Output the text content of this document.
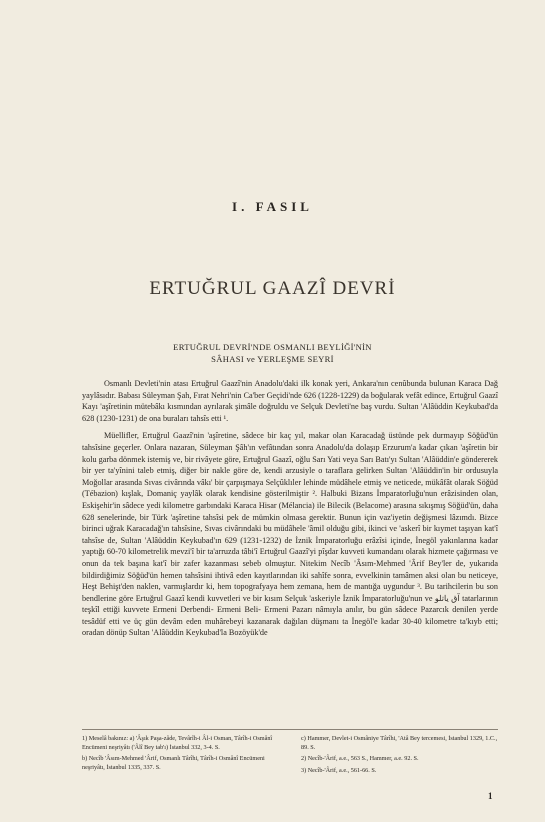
I. FASIL
ERTUĞRUL GAAZÎ DEVRİ
ERTUĞRUL DEVRİ'NDE OSMANLI BEYLİĞİ'NİN
SÂHASI ve YERLEŞME SEYRİ

Osmanlı Devleti'nin atası Ertuğrul Gaazî'nin Anadolu'daki ilk konak yeri, Ankara'nın cenûbunda bulunan Karaca Dağ yaylâsıdır. Babası Süleyman Şah, Fırat Nehri'nin Ca'ber Geçidi'nde 626 (1228-1229) da boğularak vefât edince, Ertuğrul Gaazî Kayı 'aşîretinin mütebâkı kısmından ayrılarak şimâle doğruldu ve Selçuk Devleti'ne baş vurdu. Sultan 'Alâüddin Keykubad'da 628 (1230-1231) de ona buraları tahsîs etti ¹.

Müellifler, Ertuğrul Gaazî'nin 'aşîretine, sâdece bir kaç yıl, makar olan Karacadağ üstünde pek durmayıp Söğüd'ün tahsîsine geçerler. Onlara nazaran, Süleyman Şâh'ın vefâtından sonra Anadolu'da dolaşıp Erzurum'a kadar çıkan 'aşîretin bir kolu garba dönmek istemiş ve, bir rivâyete göre, Ertuğrul Gaazî, oğlu Sarı Yati veya Sarı Batı'yı Sultan 'Alâüddin'e göndererek bir yer ta'yînini taleb etmiş, diğer bir nakle göre de, kendi arzusiyle o taraflara gelirken Sultan 'Alâüddin'in bir ordusuyla Moğollar arasında Sıvas civârında vâkı' bir çarpışmaya Selçûklıler lehinde müdâhele etmiş ve neticede, mükâfât olarak Söğüd (Tébazion) kışlak, Domaniç yaylâk olarak kendisine gösterilmiştir ². Halbuki Bizans İmparatorluğu'nun erâzisinden olan, Eskişehir'in sâdece yedi kilometre garbındaki Karaca Hisar (Mélancia) ile Bilecik (Belacome) arasına sıkışmış Söğüd'ün, daha 628 senelerinde, bir Türk 'aşîretine tahsîsi pek de mümkin olmasa gerektir. Bunun için vaz'iyetin değişmesi lâzımdı. Bizce birinci uğrak Karacadağ'ın tahsîsine, Sıvas civârındaki bu müdâhele 'âmil olduğu gibi, ikinci ve 'askerî bir kıymet taşıyan kat'î tahsîse de, Sultan 'Alâüddin Keykubad'ın 629 (1231-1232) de İznik İmparatorluğu erâzîsi içinde, İnegöl yakınlarına kadar yaptığı 60-70 kilometrelik mevzi'î bir ta'arruzda tâbi'î Ertuğrul Gaazî'yi pîşdar kuvveti kumandanı olarak hizmete çağırması ve onun da tek başına kat'î bir zafer kazanması sebeb olmuştur. Nitekim Necîb 'Âsım-Mehmed 'Ârif Bey'ler de, yukarıda bildirdiğimiz Söğüd'ün hemen tahsîsini ihtivâ eden kayıtlarından iki sahîfe sonra, evvelkinin tamâmen aksi olan bu neticeye, Heşt Behişt'den naklen, varmışlardır ki, hem topografyaya hem zemana, hem de mantığa uygundur ³. Bu tarihcilerin bu son bendlerine göre Ertuğrul Gaazî kendi kuvvetleri ve bir kısım Selçuk 'askeriyle İznik İmparatorluğu'nun ve آق ياتلو tatarlarının teşkîl ettiği kuvvete Ermeni Derbendi- Ermeni Beli- Ermeni Pazarı nâmıyla anılır, bu gün sâdece Pazarcık denilen yerde tesâdüf etti ve üç gün devâm eden muhârebeyi kazanarak dağılan düşmanı ta İnegöl'e kadar 30-40 kilometre ta'kıyb etti; oradan dönüp Sultan 'Alâüddin Keykubad'la Bozöyük'de

1) Meselâ bakınız: a) 'Âşık Paşa-zâde, Tevârîh-i Âl-i Osman, Târîh-i Osmânî Encümeni neşriyâtı ('Âlî Bey tab'ı) İstanbul 332, 3-4. S.
b) Necîb 'Âsım-Mehmed 'Ârif, Osmanlı Târîhi, Târîh-i Osmânî Encümeni neşriyâtı, İstanbul 1335, 337. S.
c) Hammer, Devlet-i Osmâniye Târîhi, 'Atâ Bey tercemesi, İstanbul 1329, 1.C., 89. S.
2) Necîb-'Ârif, a.e., 563 S., Hammer, a.e. 92. S.
3) Necîb-'Ârif, a.e., 561-66. S.
1
